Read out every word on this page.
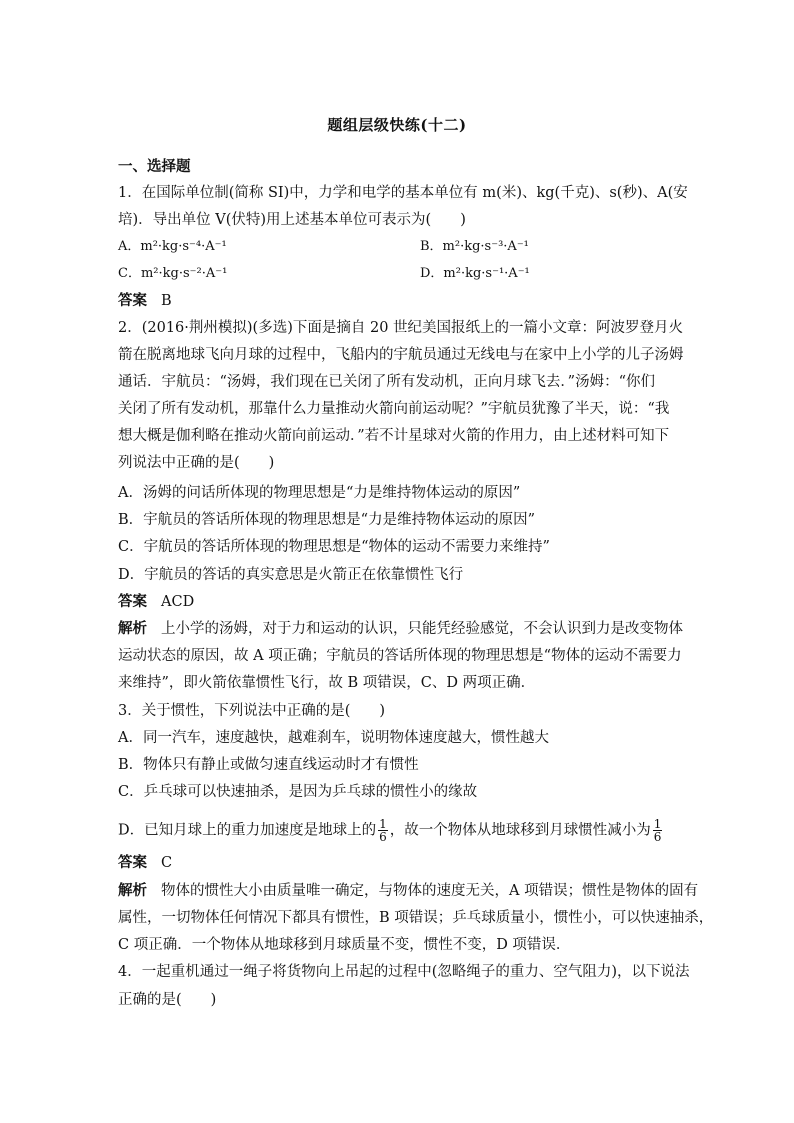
题组层级快练(十二)
一、选择题
1．在国际单位制(简称 SI)中，力学和电学的基本单位有 m(米)、kg(千克)、s(秒)、A(安
培)．导出单位 V(伏特)用上述基本单位可表示为(　　)
A．m²·kg·s⁻⁴·A⁻¹	B．m²·kg·s⁻³·A⁻¹
C．m²·kg·s⁻²·A⁻¹	D．m²·kg·s⁻¹·A⁻¹
答案 B
2．(2016·荆州模拟)(多选)下面是摘自 20 世纪美国报纸上的一篇小文章：阿波罗登月火
箭在脱离地球飞向月球的过程中，飞船内的宇航员通过无线电与在家中上小学的儿子汤姆
通话．宇航员：“汤姆，我们现在已关闭了所有发动机，正向月球飞去．”汤姆：“你们
关闭了所有发动机，那靠什么力量推动火箭向前运动呢？”宇航员犹豫了半天，说：“我
想大概是伽利略在推动火箭向前运动．”若不计星球对火箭的作用力，由上述材料可知下
列说法中正确的是(　　)
A．汤姆的问话所体现的物理思想是“力是维持物体运动的原因”
B．宇航员的答话所体现的物理思想是“力是维持物体运动的原因”
C．宇航员的答话所体现的物理思想是“物体的运动不需要力来维持”
D．宇航员的答话的真实意思是火箭正在依靠惯性飞行
答案 ACD
解析 上小学的汤姆，对于力和运动的认识，只能凭经验感觉，不会认识到力是改变物体
运动状态的原因，故 A 项正确；宇航员的答话所体现的物理思想是“物体的运动不需要力
来维持”，即火箭依靠惯性飞行，故 B 项错误，C、D 两项正确．
3．关于惯性，下列说法中正确的是(　　)
A．同一汽车，速度越快，越难刹车，说明物体速度越大，惯性越大
B．物体只有静止或做匀速直线运动时才有惯性
C．乒乓球可以快速抽杀，是因为乒乓球的惯性小的缘故
D．已知月球上的重力加速度是地球上的 $\frac{1}{6}$ ，故一个物体从地球移到月球惯性减小为 $\frac{1}{6}$
答案 C
解析 物体的惯性大小由质量唯一确定，与物体的速度无关，A 项错误；惯性是物体的固有
属性，一切物体任何情况下都具有惯性，B 项错误；乒乓球质量小，惯性小，可以快速抽杀，
C 项正确．一个物体从地球移到月球质量不变，惯性不变，D 项错误．
4．一起重机通过一绳子将货物向上吊起的过程中(忽略绳子的重力、空气阻力)，以下说法
正确的是(　　)
